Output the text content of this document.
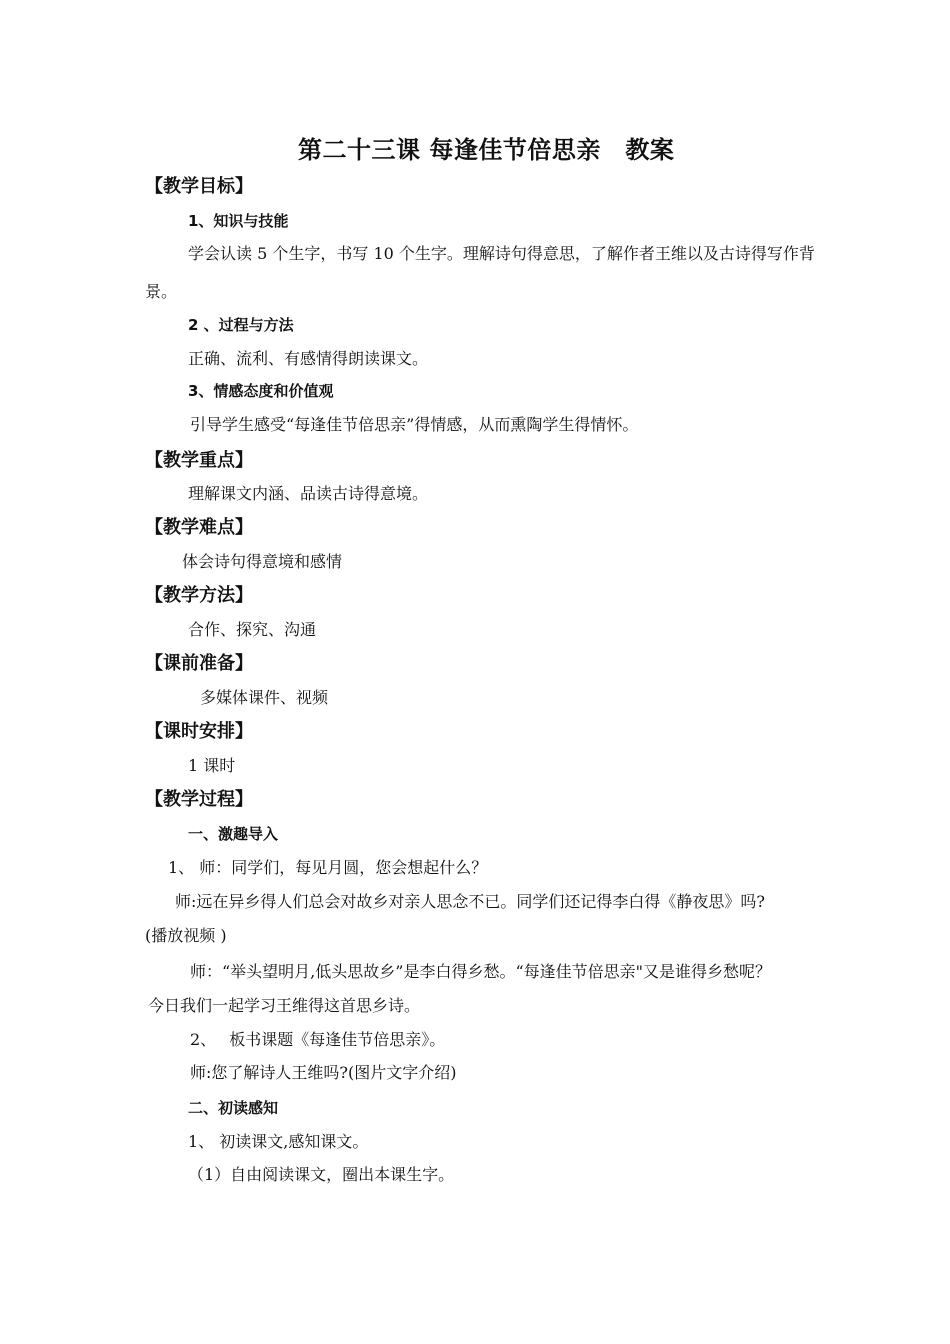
第二十三课 每逢佳节倍思亲　教案
【教学目标】
1、知识与技能
学会认读 5 个生字，书写 10 个生字。理解诗句得意思，了解作者王维以及古诗得写作背
景。
2 、过程与方法
正确、流利、有感情得朗读课文。
3、情感态度和价值观
引导学生感受“每逢佳节倍思亲”得情感，从而熏陶学生得情怀。
【教学重点】
理解课文内涵、品读古诗得意境。
【教学难点】
体会诗句得意境和感情
【教学方法】
合作、探究、沟通
【课前准备】
多媒体课件、视频
【课时安排】
1 课时
【教学过程】
一、激趣导入
1、 师：同学们，每见月圆，您会想起什么？
师:远在异乡得人们总会对故乡对亲人思念不已。同学们还记得李白得《静夜思》吗?
(播放视频 )
师：“举头望明月,低头思故乡”是李白得乡愁。“每逢佳节倍思亲"又是谁得乡愁呢？
今日我们一起学习王维得这首思乡诗。
2、　 板书课题《每逢佳节倍思亲》。
师:您了解诗人王维吗?(图片文字介绍)
二、初读感知
1、 初读课文,感知课文。
（1）自由阅读课文，圈出本课生字。
